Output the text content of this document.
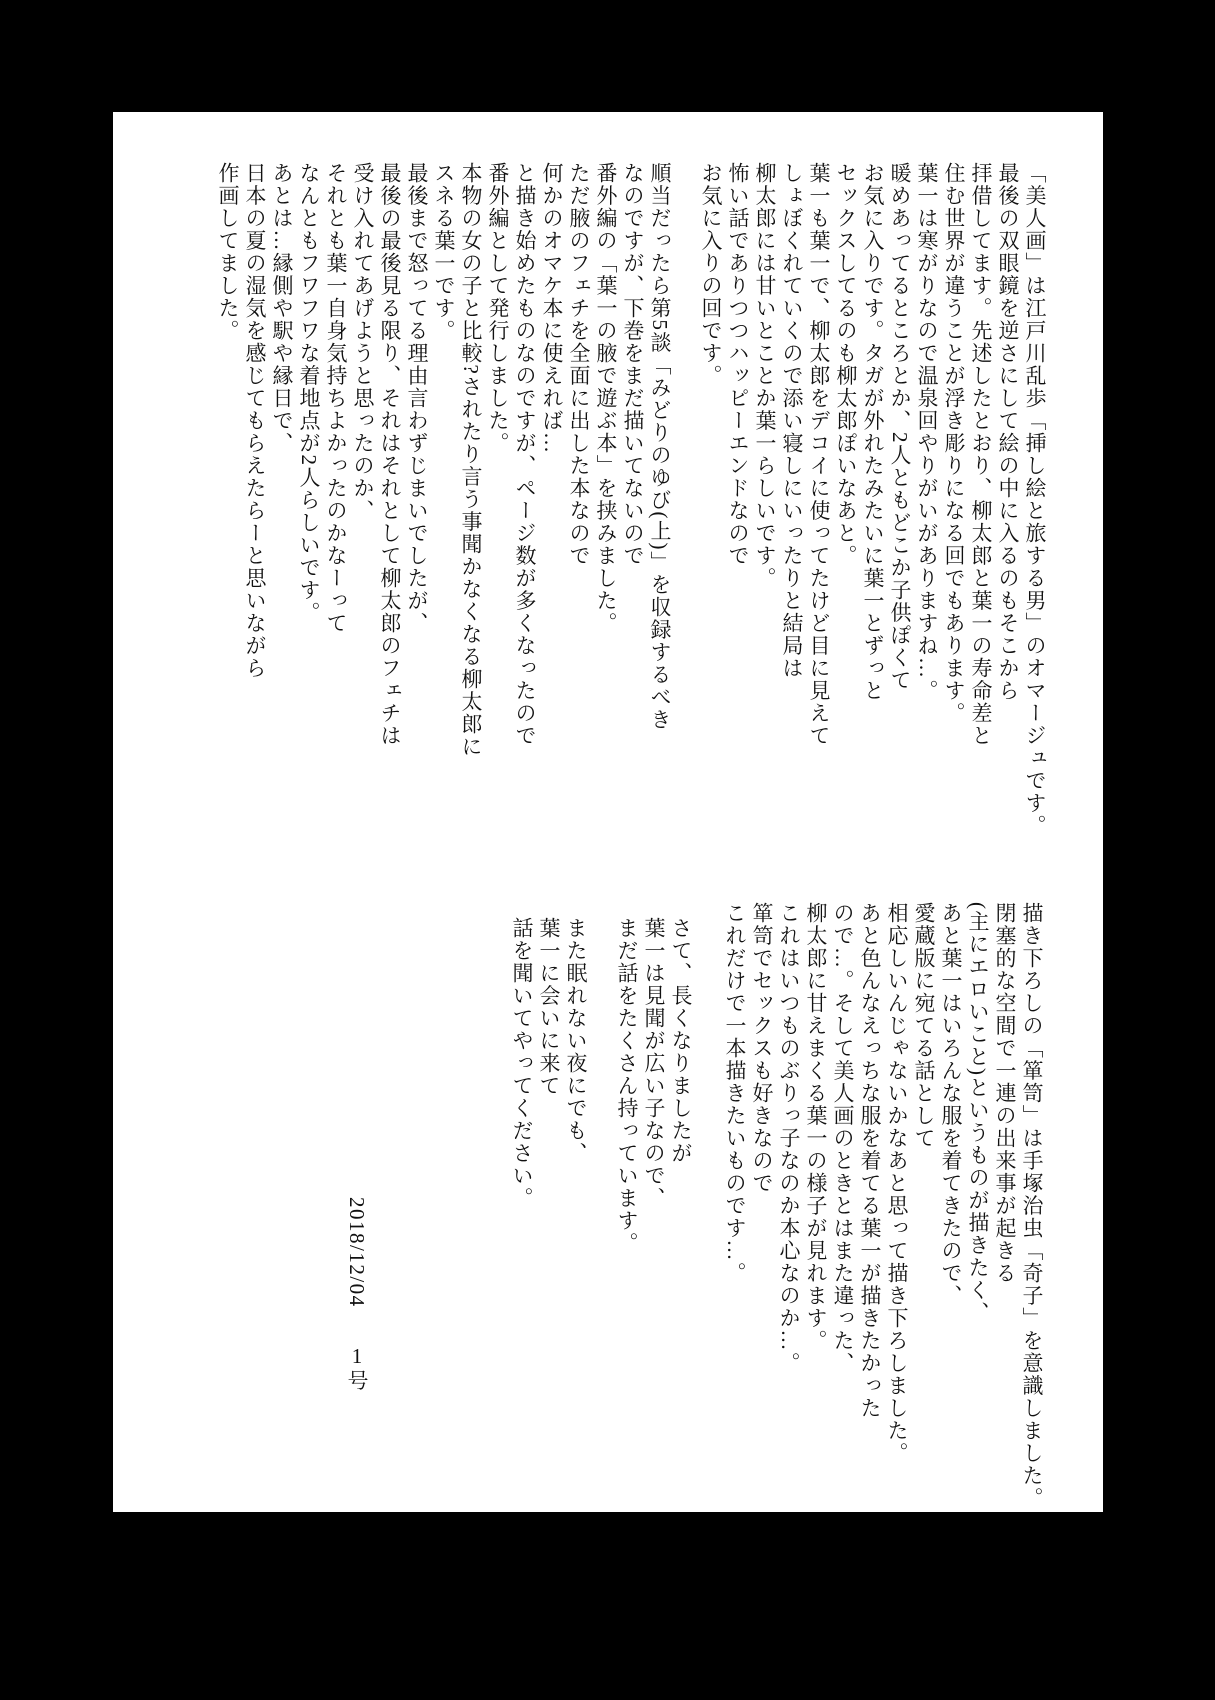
「美人画」は江戸川乱歩「挿し絵と旅する男」のオマージュです。
最後の双眼鏡を逆さにして絵の中に入るのもそこから
拝借してます。先述したとおり、柳太郎と葉一の寿命差と
住む世界が違うことが浮き彫りになる回でもあります。
葉一は寒がりなので温泉回やりがいがありますね…。
暖めあってるところとか、2人ともどこか子供ぽくて
お気に入りです。タガが外れたみたいに葉一とずっと
セックスしてるのも柳太郎ぽいなあと。
葉一も葉一で、柳太郎をデコイに使ってたけど目に見えて
しょぼくれていくので添い寝しにいったりと結局は
柳太郎には甘いとことか葉一らしいです。
怖い話でありつつハッピーエンドなので
お気に入りの回です。
順当だったら第5談「みどりのゆび(上)」を収録するべき
なのですが、下巻をまだ描いてないので
番外編の「葉一の腋で遊ぶ本」を挟みました。
ただ腋のフェチを全面に出した本なので
何かのオマケ本に使えれば…
と描き始めたものなのですが、ページ数が多くなったので
番外編として発行しました。
本物の女の子と比較?されたり言う事聞かなくなる柳太郎に
スネる葉一です。
最後まで怒ってる理由言わずじまいでしたが、
最後の最後見る限り、それはそれとして柳太郎のフェチは
受け入れてあげようと思ったのか、
それとも葉一自身気持ちよかったのかなーって
なんともフワフワな着地点が2人らしいです。
あとは…縁側や駅や縁日で、
日本の夏の湿気を感じてもらえたらーと思いながら
作画してました。
描き下ろしの「箪笥」は手塚治虫「奇子」を意識しました。
閉塞的な空間で一連の出来事が起きる
(主にエロいこと)というものが描きたく、
あと葉一はいろんな服を着てきたので、
愛蔵版に宛てる話として
相応しいんじゃないかなあと思って描き下ろしました。
あと色んなえっちな服を着てる葉一が描きたかった
ので…。そして美人画のときとはまた違った、
柳太郎に甘えまくる葉一の様子が見れます。
これはいつものぶりっ子なのか本心なのか…。
箪笥でセックスも好きなので
これだけで一本描きたいものです…。
さて、長くなりましたが
葉一は見聞が広い子なので、
まだ話をたくさん持っています。
また眠れない夜にでも、
葉一に会いに来て
話を聞いてやってください。
2018/12/041号
